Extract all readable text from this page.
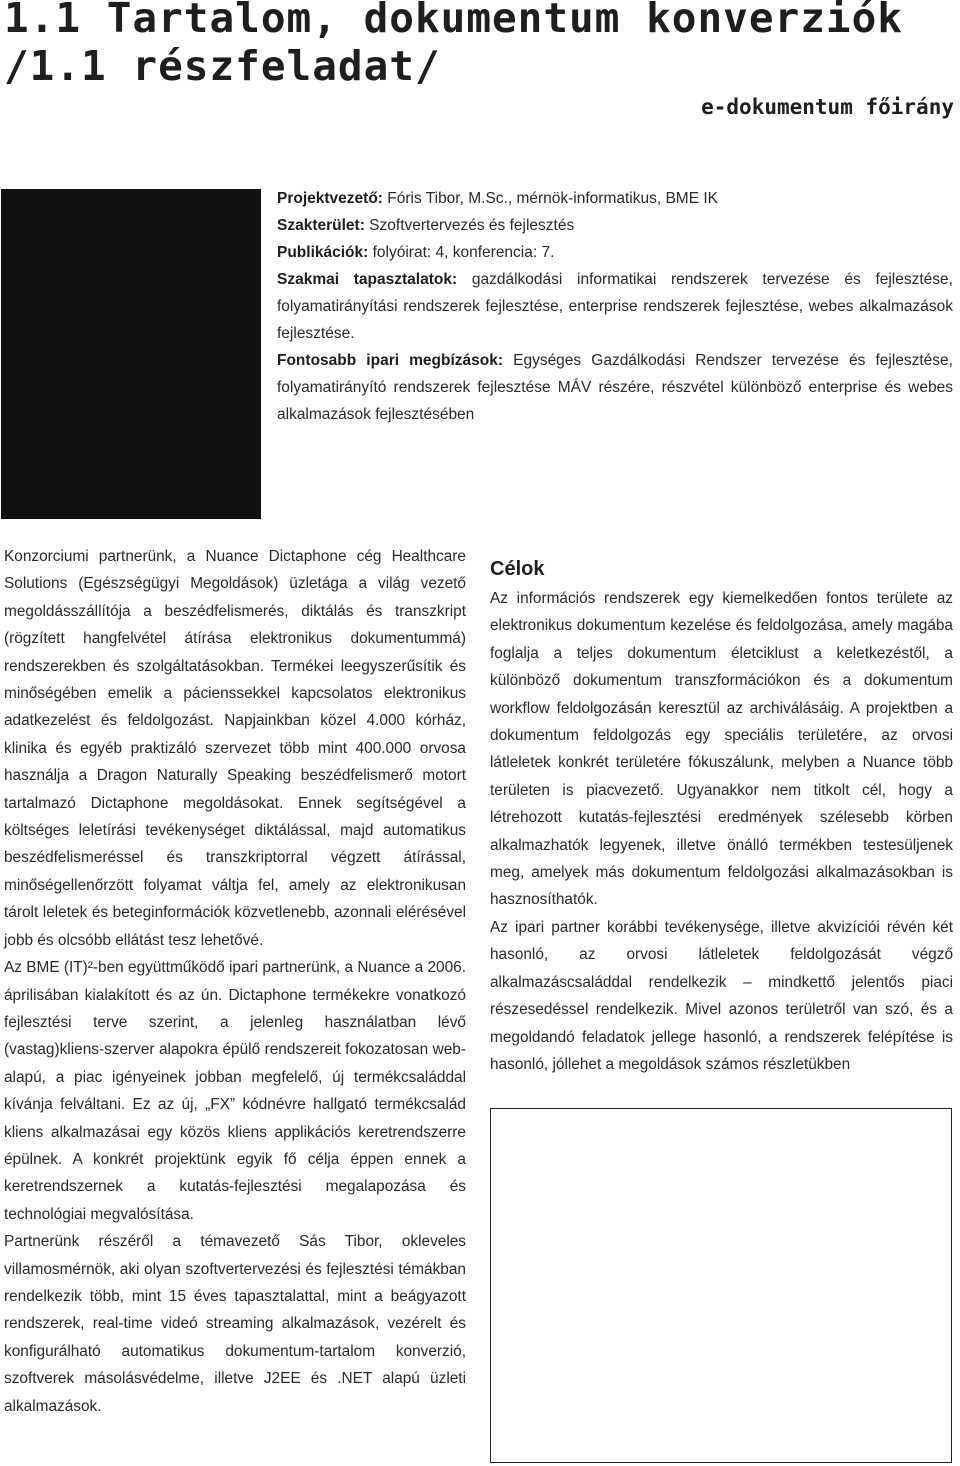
1.1 Tartalom, dokumentum konverziók /1.1 részfeladat/
e-dokumentum főirány

Projektvezető: Fóris Tibor, M.Sc., mérnök-informatikus, BME IK

Szakterület: Szoftvertervezés és fejlesztés

Publikációk: folyóirat: 4, konferencia: 7.

Szakmai tapasztalatok: gazdálkodási informatikai rendszerek tervezése és fejlesztése, folyamatirányítási rendszerek fejlesztése, enterprise rendszerek fejlesztése, webes alkalmazások fejlesztése.

Fontosabb ipari megbízások: Egységes Gazdálkodási Rendszer tervezése és fejlesztése, folyamatirányító rendszerek fejlesztése MÁV részére, részvétel különböző enterprise és webes alkalmazások fejlesztésében

Konzorciumi partnerünk, a Nuance Dictaphone cég Healthcare Solutions (Egészségügyi Megoldások) üzletága a világ vezető megoldásszállítója a beszédfelismerés, diktálás és transzkript (rögzített hangfelvétel átírása elektronikus dokumentummá) rendszerekben és szolgáltatásokban. Termékei leegyszerűsítik és minőségében emelik a pácienssekkel kapcsolatos elektronikus adatkezelést és feldolgozást. Napjainkban közel 4.000 kórház, klinika és egyéb praktizáló szervezet több mint 400.000 orvosa használja a Dragon Naturally Speaking beszédfelismerő motort tartalmazó Dictaphone megoldásokat. Ennek segítségével a költséges leletírási tevékenységet diktálással, majd automatikus beszédfelismeréssel és transzkriptorral végzett átírással, minőségellenőrzött folyamat váltja fel, amely az elektronikusan tárolt leletek és beteginformációk közvetlenebb, azonnali elérésével jobb és olcsóbb ellátást tesz lehetővé.

Az BME (IT)²-ben együttműködő ipari partnerünk, a Nuance a 2006. áprilisában kialakított és az ún. Dictaphone termékekre vonatkozó fejlesztési terve szerint, a jelenleg használatban lévő (vastag)kliens-szerver alapokra épülő rendszereit fokozatosan web-alapú, a piac igényeinek jobban megfelelő, új termékcsaláddal kívánja felváltani. Ez az új, „FX” kódnévre hallgató termékcsalád kliens alkalmazásai egy közös kliens applikációs keretrendszerre épülnek. A konkrét projektünk egyik fő célja éppen ennek a keretrendszernek a kutatás-fejlesztési megalapozása és technológiai megvalósítása.

Partnerünk részéről a témavezető Sás Tibor, okleveles villamosmérnök, aki olyan szoftvertervezési és fejlesztési témákban rendelkezik több, mint 15 éves tapasztalattal, mint a beágyazott rendszerek, real-time videó streaming alkalmazások, vezérelt és konfigurálható automatikus dokumentum-tartalom konverzió, szoftverek másolásvédelme, illetve J2EE és .NET alapú üzleti alkalmazások.

Célok

Az információs rendszerek egy kiemelkedően fontos területe az elektronikus dokumentum kezelése és feldolgozása, amely magába foglalja a teljes dokumentum életciklust a keletkezéstől, a különböző dokumentum transzformációkon és a dokumentum workflow feldolgozásán keresztül az archiválásáig. A projektben a dokumentum feldolgozás egy speciális területére, az orvosi látleletek konkrét területére fókuszálunk, melyben a Nuance több területen is piacvezető. Ugyanakkor nem titkolt cél, hogy a létrehozott kutatás-fejlesztési eredmények szélesebb körben alkalmazhatók legyenek, illetve önálló termékben testesüljenek meg, amelyek más dokumentum feldolgozási alkalmazásokban is hasznosíthatók.

Az ipari partner korábbi tevékenysége, illetve akvizíciói révén két hasonló, az orvosi látleletek feldolgozását végző alkalmazáscsaláddal rendelkezik – mindkettő jelentős piaci részesedéssel rendelkezik. Mivel azonos területről van szó, és a megoldandó feladatok jellege hasonló, a rendszerek felépítése is hasonló, jóllehet a megoldások számos részletükben
